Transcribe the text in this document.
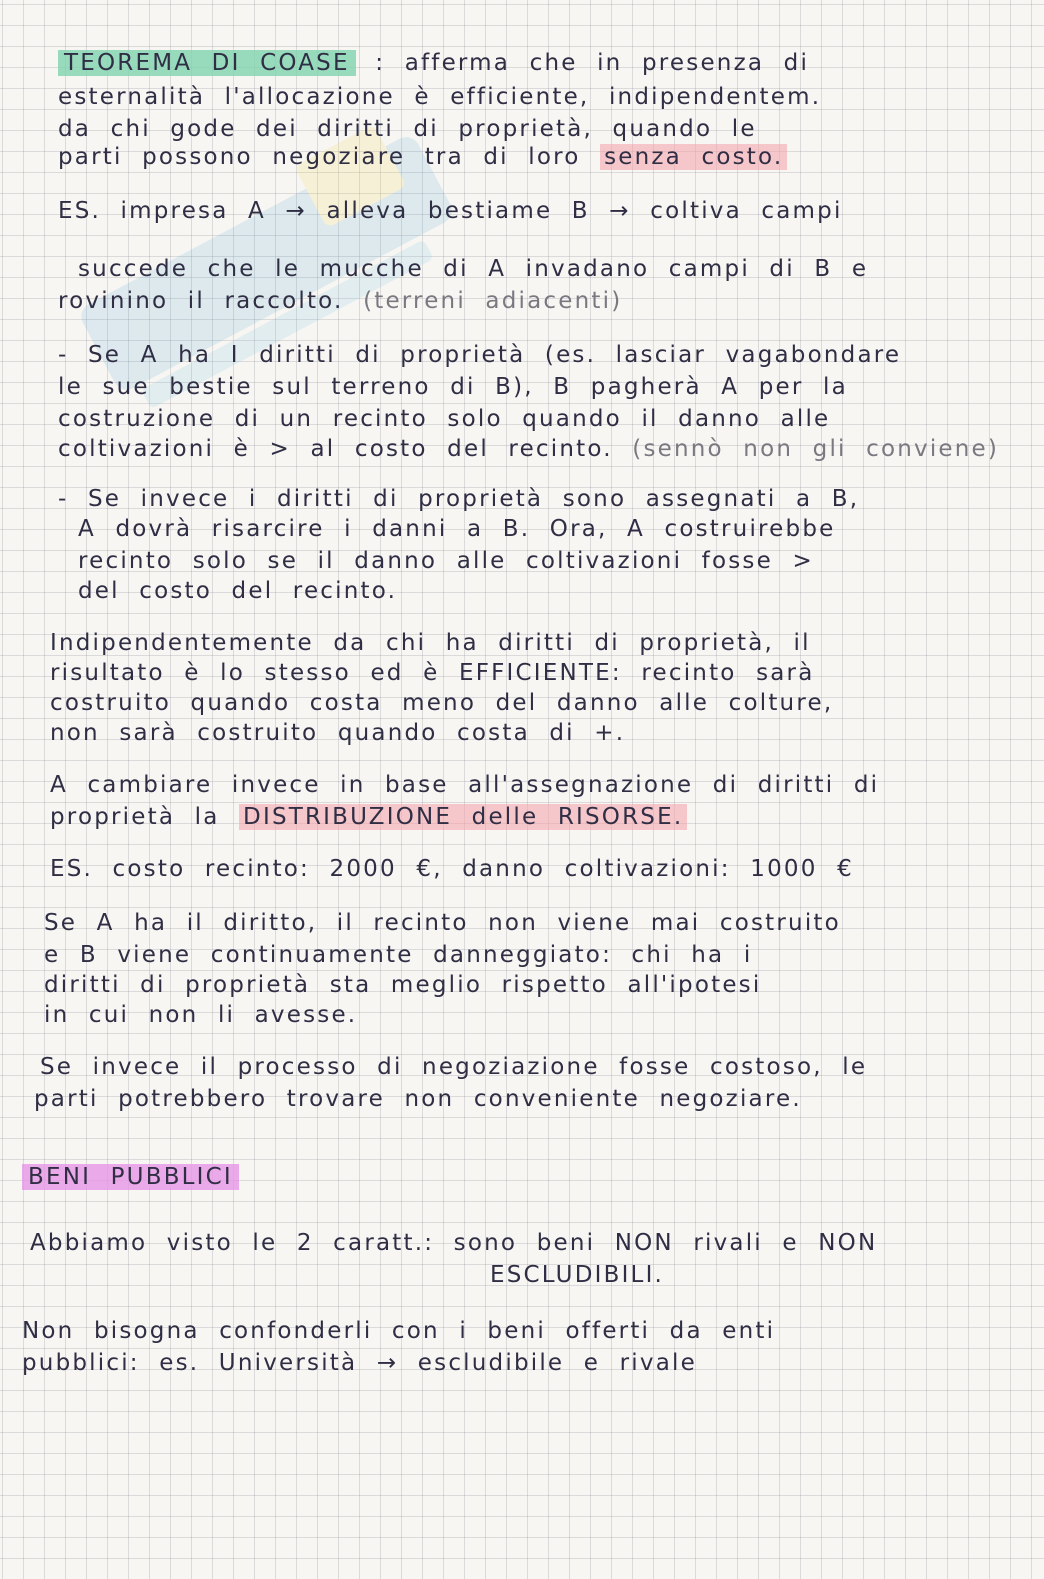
TEOREMA DI COASE : afferma che in presenza di
esternalità l'allocazione è efficiente, indipendentem.
da chi gode dei diritti di proprietà, quando le
parti possono negoziare tra di loro senza costo.
ES. impresa A → alleva bestiame B → coltiva campi
succede che le mucche di A invadano campi di B e
rovinino il raccolto. (terreni adiacenti)
- Se A ha I diritti di proprietà (es. lasciar vagabondare
le sue bestie sul terreno di B), B pagherà A per la
costruzione di un recinto solo quando il danno alle
coltivazioni è > al costo del recinto. (sennò non gli conviene)
- Se invece i diritti di proprietà sono assegnati a B,
A dovrà risarcire i danni a B. Ora, A costruirebbe
recinto solo se il danno alle coltivazioni fosse >
del costo del recinto.
Indipendentemente da chi ha diritti di proprietà, il
risultato è lo stesso ed è EFFICIENTE: recinto sarà
costruito quando costa meno del danno alle colture,
non sarà costruito quando costa di +.
A cambiare invece in base all'assegnazione di diritti di
proprietà la DISTRIBUZIONE delle RISORSE.
ES. costo recinto: 2000 €, danno coltivazioni: 1000 €
Se A ha il diritto, il recinto non viene mai costruito
e B viene continuamente danneggiato: chi ha i
diritti di proprietà sta meglio rispetto all'ipotesi
in cui non li avesse.
Se invece il processo di negoziazione fosse costoso, le
parti potrebbero trovare non conveniente negoziare.
BENI PUBBLICI
Abbiamo visto le 2 caratt.: sono beni NON rivali e NON
ESCLUDIBILI.
Non bisogna confonderli con i beni offerti da enti
pubblici: es. Università → escludibile e rivale
